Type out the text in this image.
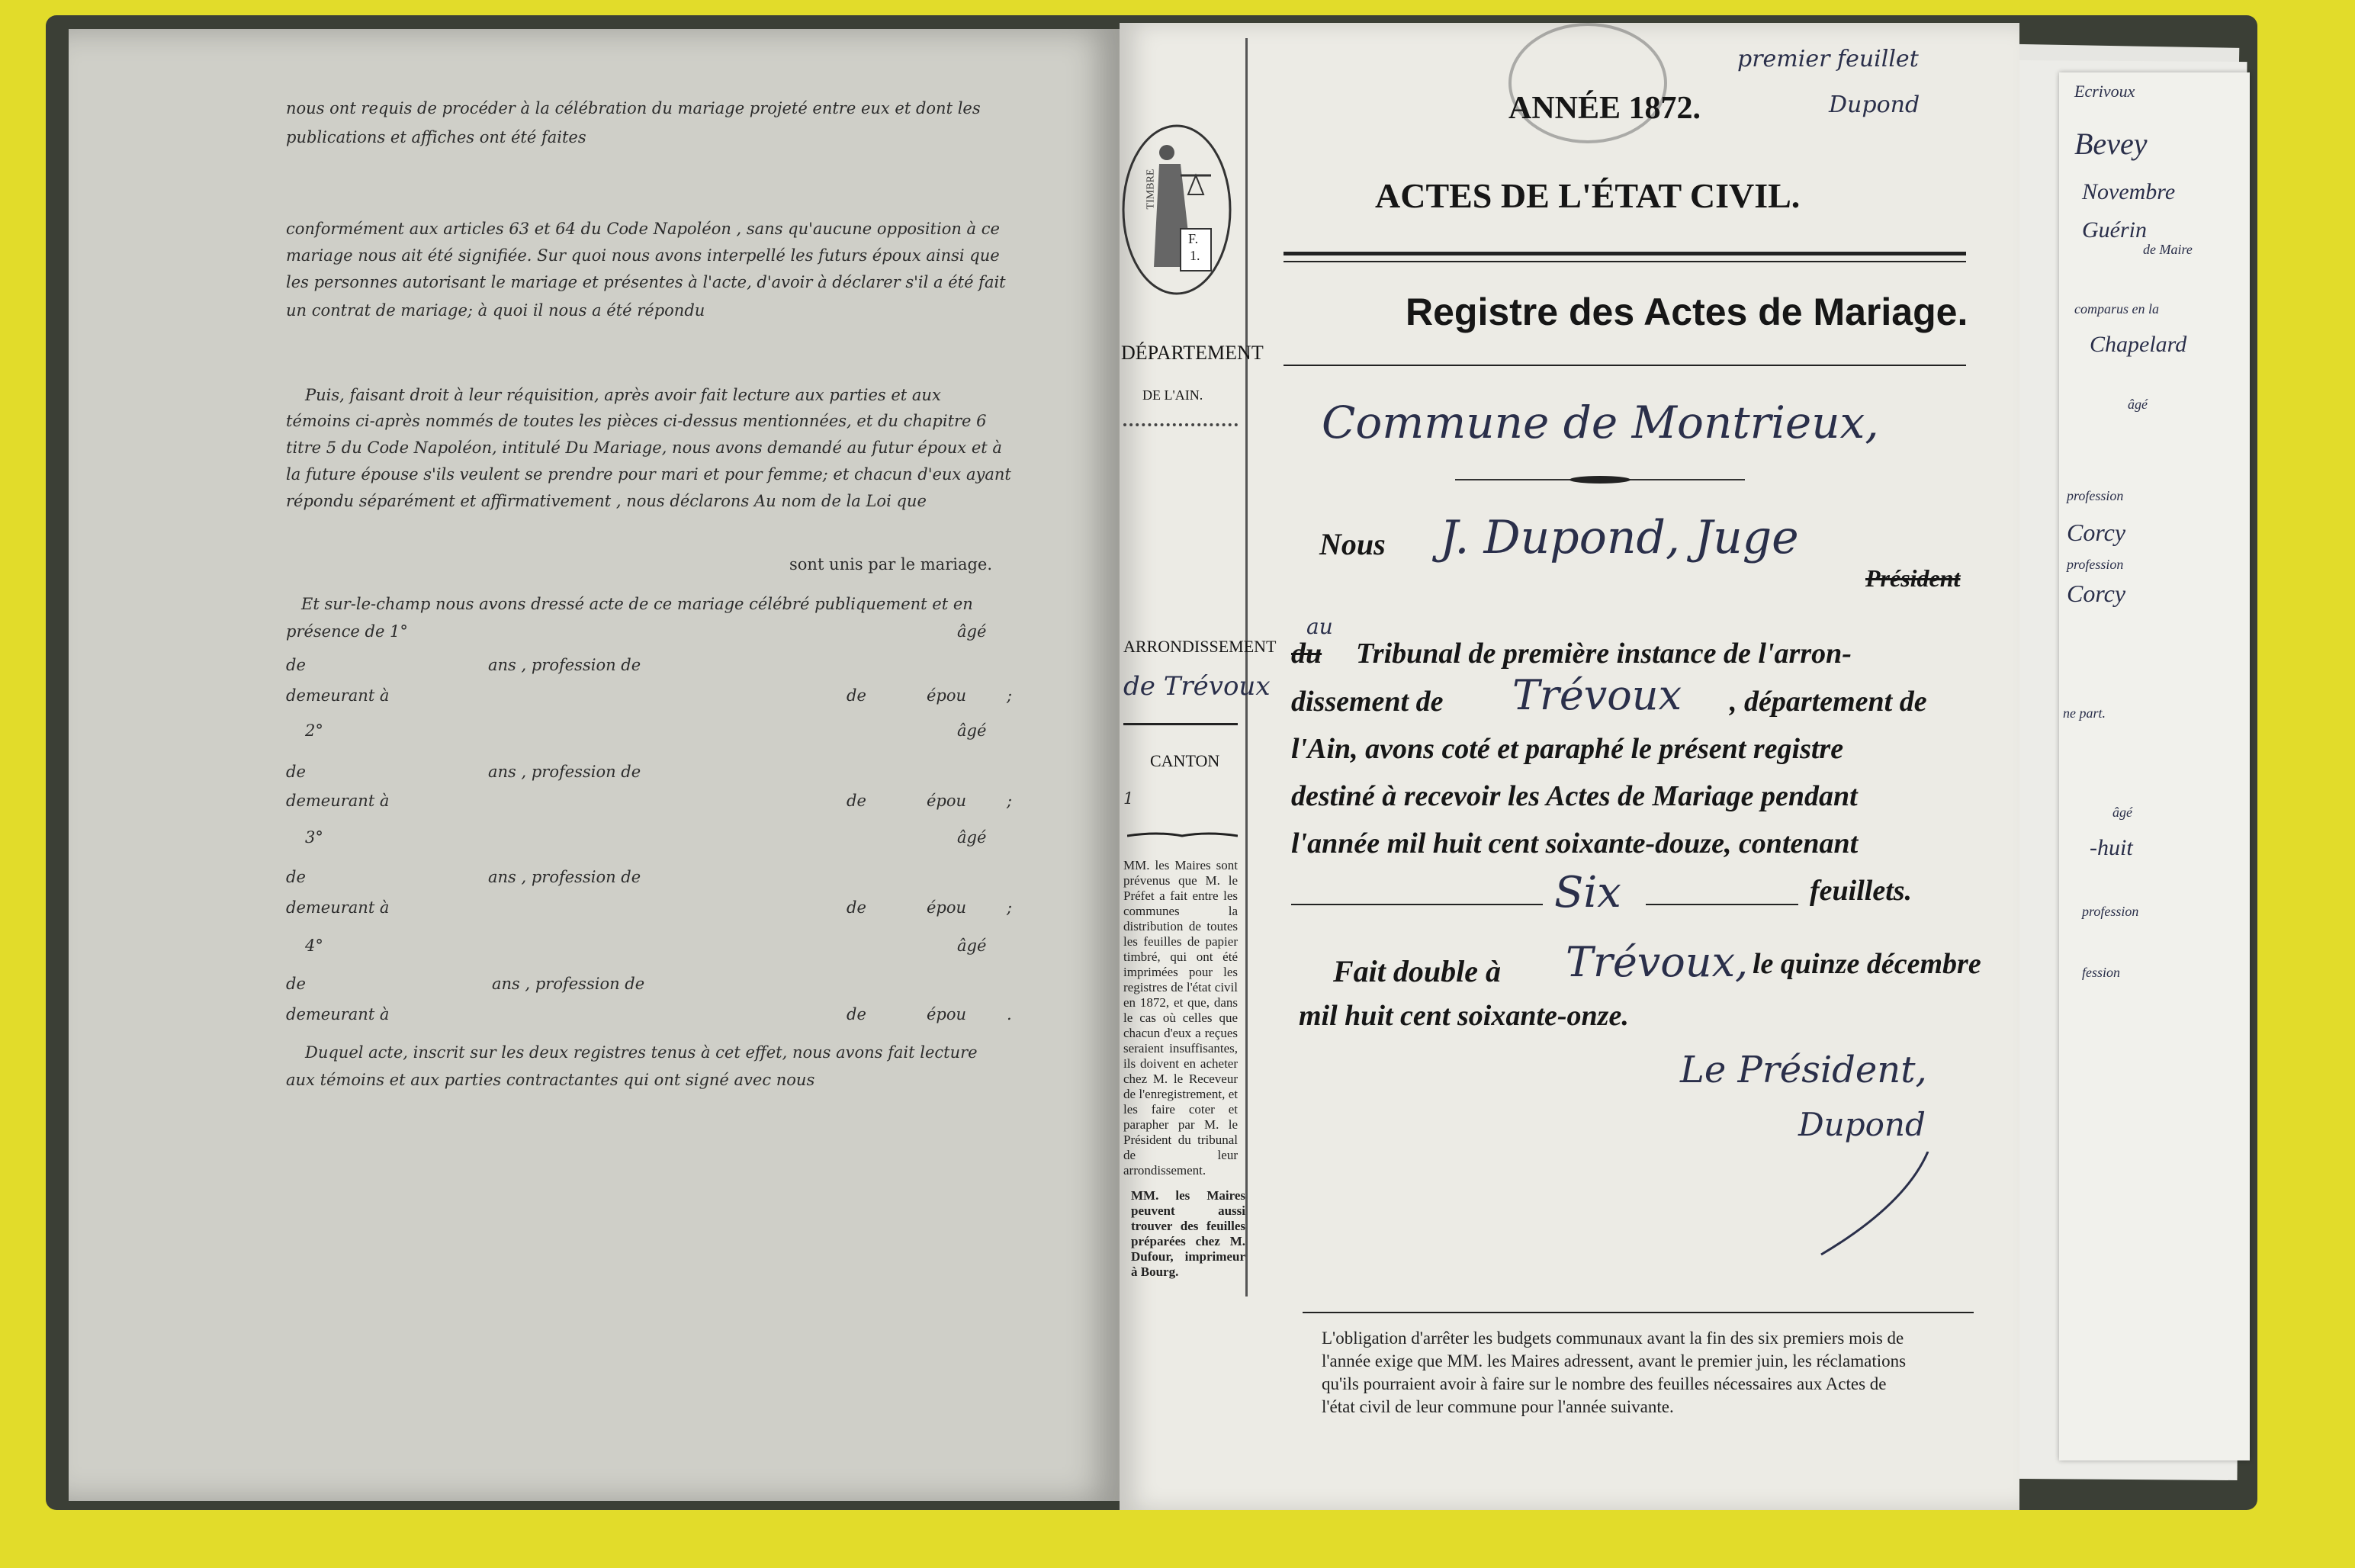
Ecrivoux
Bevey
Novembre
Guérin
de Maire
comparus en la
Chapelard
âgé
profession
Corcy
profession
Corcy
ne part.
âgé
-huit
profession
fession
nous ont requis de procéder à la célébration du mariage projeté entre eux et dont les
publications et affiches ont été faites
conformément aux articles 63 et 64 du Code Napoléon , sans qu'aucune opposition à ce
mariage nous ait été signifiée. Sur quoi nous avons interpellé les futurs époux ainsi que
les personnes autorisant le mariage et présentes à l'acte, d'avoir à déclarer s'il a été fait
un contrat de mariage; à quoi il nous a été répondu
Puis, faisant droit à leur réquisition, après avoir fait lecture aux parties et aux
témoins ci-après nommés de toutes les pièces ci-dessus mentionnées, et du chapitre 6
titre 5 du Code Napoléon, intitulé Du Mariage, nous avons demandé au futur époux et à
la future épouse s'ils veulent se prendre pour mari et pour femme; et chacun d'eux ayant
répondu séparément et affirmativement , nous déclarons Au nom de la Loi que
sont unis par le mariage.
Et sur-le-champ nous avons dressé acte de ce mariage célébré publiquement et en
présence de 1°	âgé
de	ans , profession de
demeurant à	de	épou	;
2°	âgé
de	ans , profession de
demeurant à	de	épou	;
3°	âgé
de	ans , profession de
demeurant à	de	épou	;
4°	âgé
de	ans , profession de
demeurant à	de	épou	.
Duquel acte, inscrit sur les deux registres tenus à cet effet, nous avons fait lecture
aux témoins et aux parties contractantes qui ont signé avec nous
TIMBRE
F.
1.
DÉPARTEMENT
DE L'AIN.
ARRONDISSEMENT
de Trévoux
CANTON
1
MM. les Maires sont prévenus que M. le Préfet a fait entre les communes la distribution de toutes les feuilles de papier timbré, qui ont été imprimées pour les registres de l'état civil en 1872, et que, dans le cas où celles que chacun d'eux a reçues seraient insuffisantes, ils doivent en acheter chez M. le Receveur de l'enregistrement, et les faire coter et parapher par M. le Président du tribunal de leur arrondissement.
MM. les Maires peuvent aussi trouver des feuilles préparées chez M. Dufour, imprimeur à Bourg.
premier feuillet
Dupond
ANNÉE 1872.
ACTES DE L'ÉTAT CIVIL.
Registre des Actes de Mariage.
Commune de Montrieux,
Nous J. Dupond, Juge
Président
au
du Tribunal de première instance de l'arron-
dissement de Trévoux , département de
l'Ain, avons coté et paraphé le présent registre
destiné à recevoir les Actes de Mariage pendant
l'année mil huit cent soixante-douze, contenant
Six	feuillets.
Fait double à Trévoux, le quinze décembre
mil huit cent soixante-onze.
Le Président,
Dupond
L'obligation d'arrêter les budgets communaux avant la fin des six premiers mois de
l'année exige que MM. les Maires adressent, avant le premier juin, les réclamations
qu'ils pourraient avoir à faire sur le nombre des feuilles nécessaires aux Actes de
l'état civil de leur commune pour l'année suivante.
